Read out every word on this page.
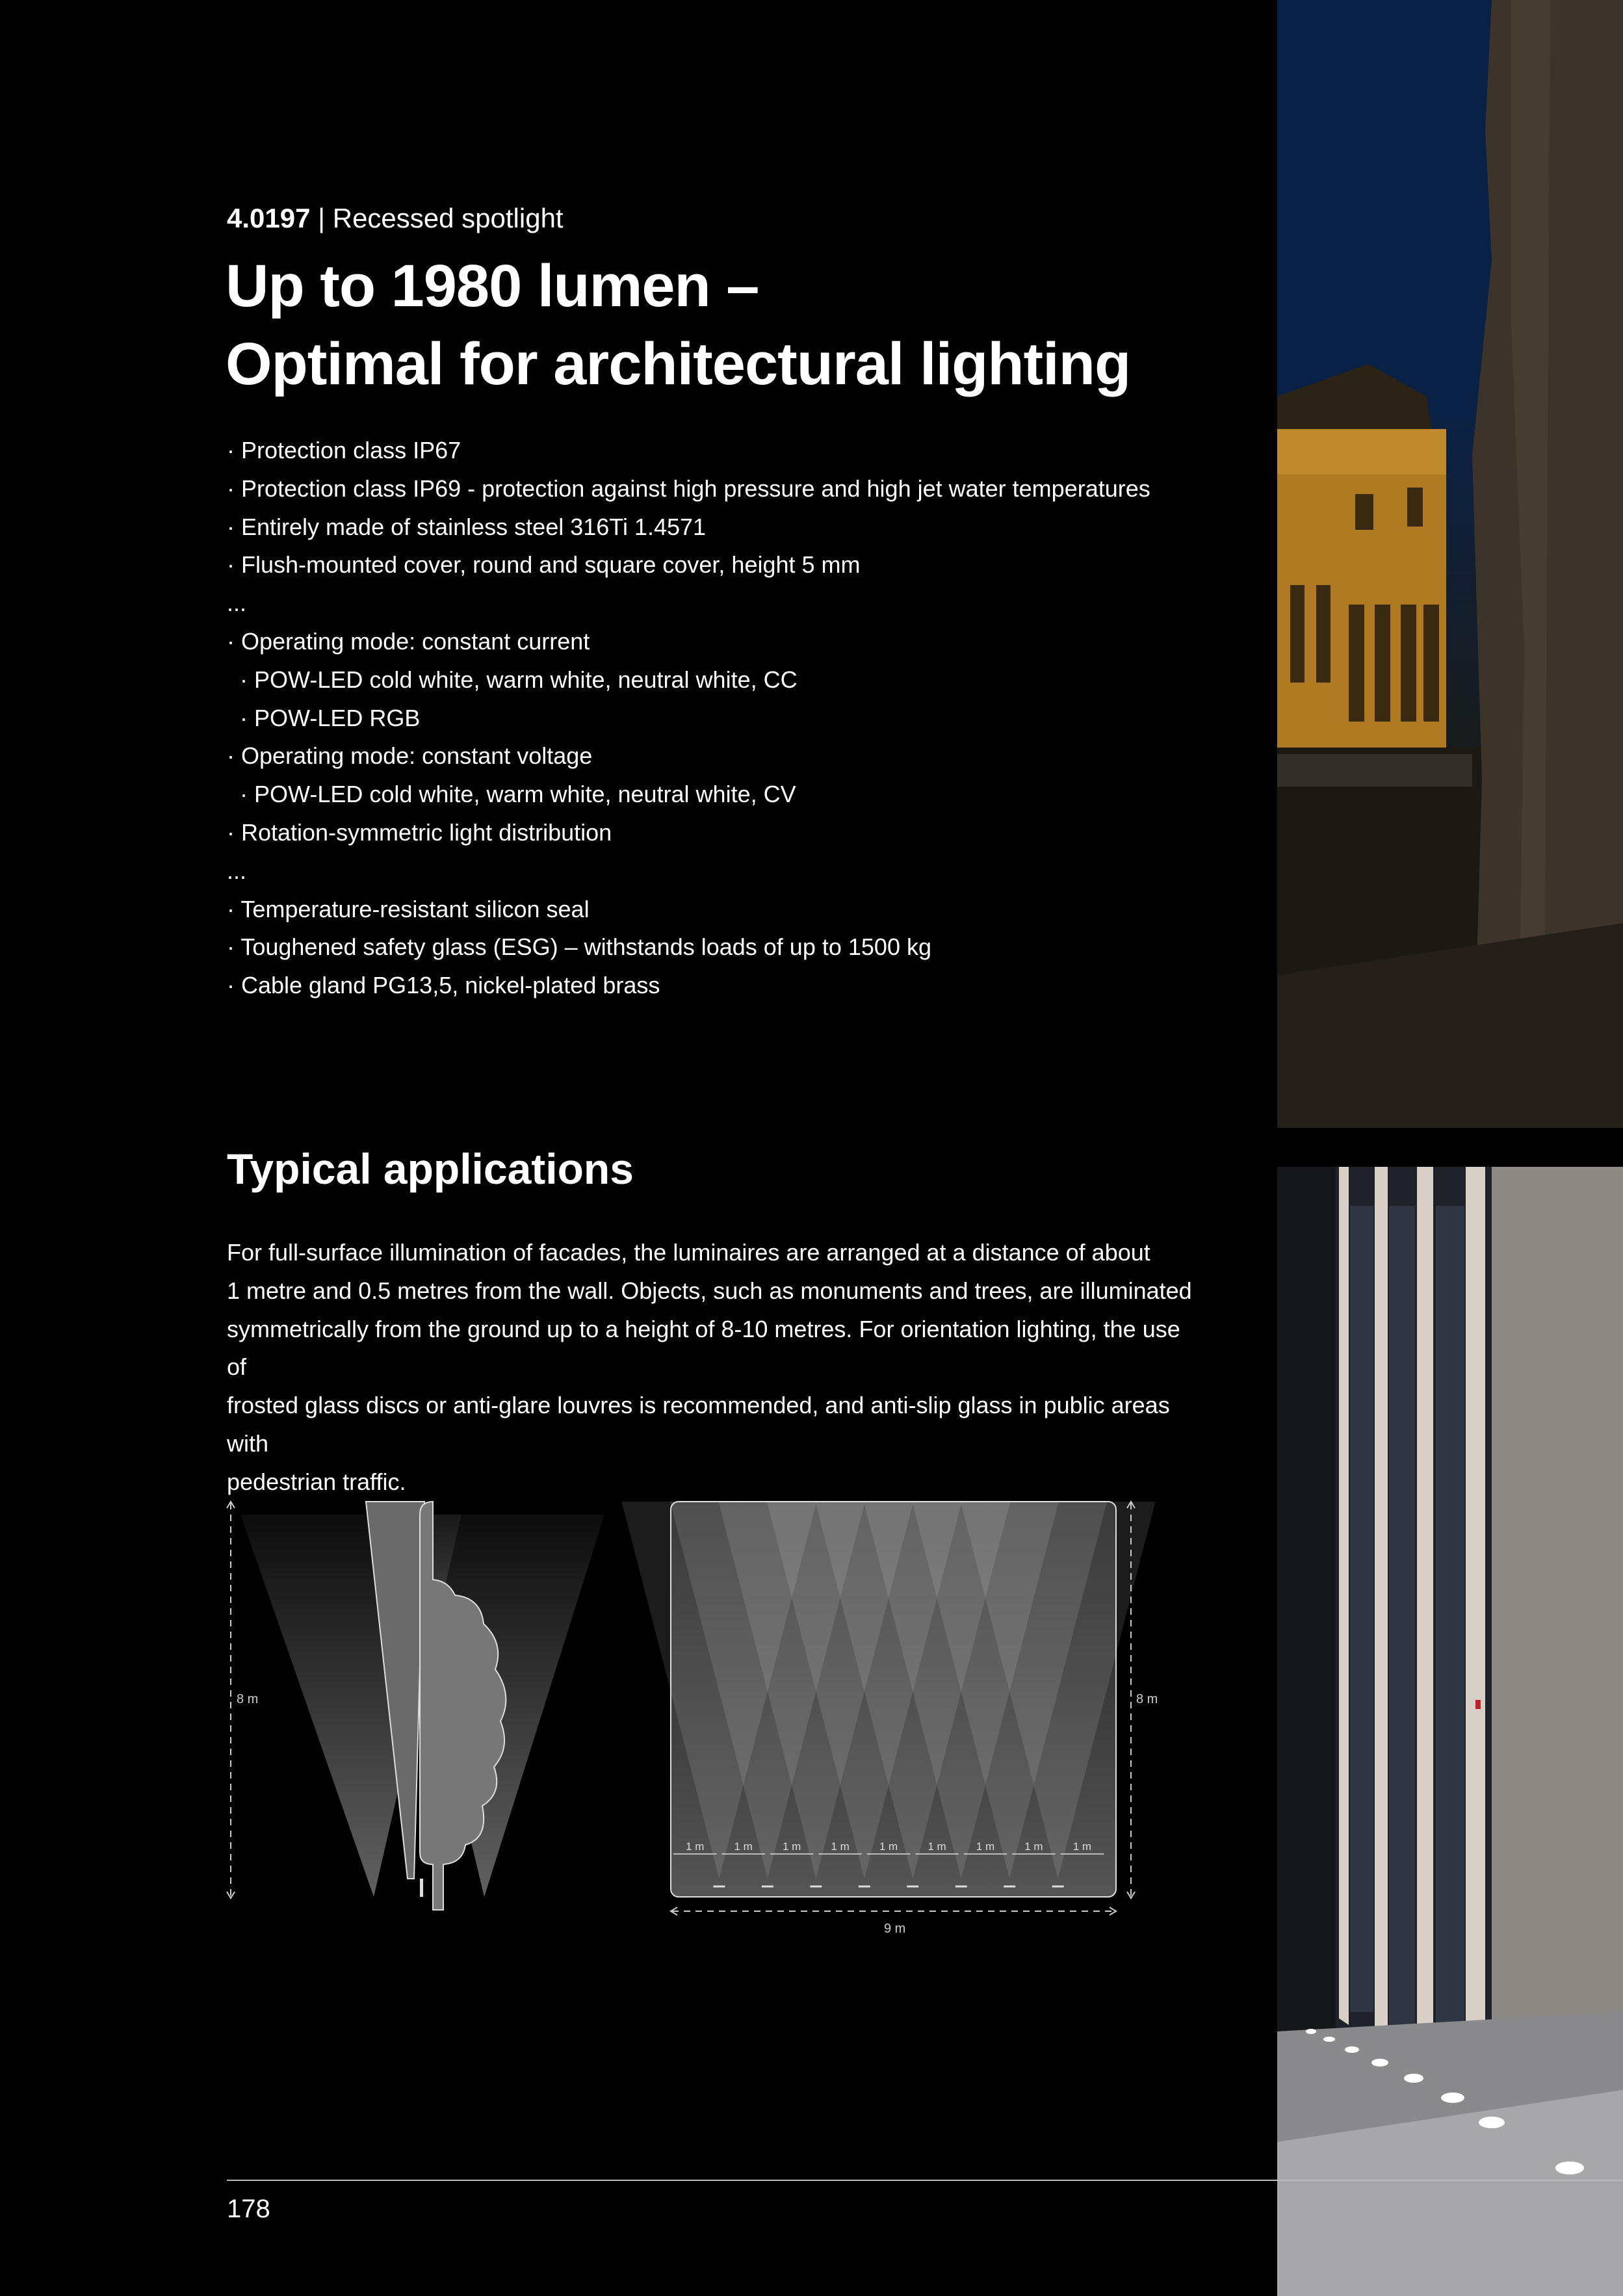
4.0197 | Recessed spotlight
Up to 1980 lumen –
Optimal for architectural lighting
· Protection class IP67
· Protection class IP69 - protection against high pressure and high jet water temperatures
· Entirely made of stainless steel 316Ti 1.4571
· Flush-mounted cover, round and square cover, height 5 mm
...
· Operating mode: constant current
· POW-LED cold white, warm white, neutral white, CC
· POW-LED RGB
· Operating mode: constant voltage
· POW-LED cold white, warm white, neutral white, CV
· Rotation-symmetric light distribution
...
· Temperature-resistant silicon seal
· Toughened safety glass (ESG) – withstands loads of up to 1500 kg
· Cable gland PG13,5, nickel-plated brass
Typical applications

For full-surface illumination of facades, the luminaires are arranged at a distance of about
1 metre and 0.5 metres from the wall. Objects, such as monuments and trees, are illuminated
symmetrically from the ground up to a height of 8-10 metres. For orientation lighting, the use of
frosted glass discs or anti-glare louvres is recommended, and anti-slip glass in public areas with
pedestrian traffic.

8 m
1 m	1 m	1 m	1 m	1 m	1 m	1 m	1 m	1 m
8 m
9 m
178
